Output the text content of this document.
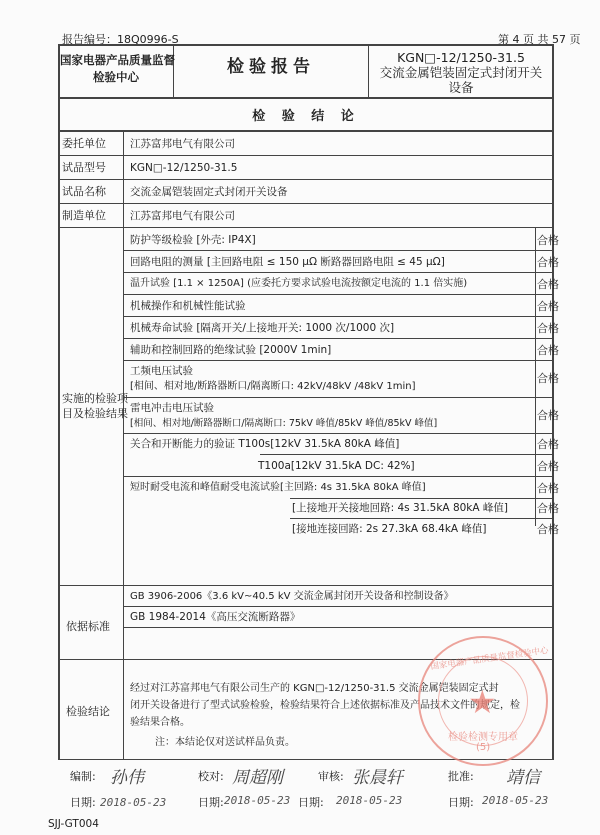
报告编号：18Q0996-S	第 4 页 共 57 页
国家电器产品质量监督
检验中心	检验报告	KGN□-12/1250-31.5
交流金属铠装固定式封闭开关
设备
检 验 结 论
委托单位 江苏富邦电气有限公司
试品型号 KGN□-12/1250-31.5
试品名称 交流金属铠装固定式封闭开关设备
制造单位 江苏富邦电气有限公司
实施的检验项
目及检验结果
防护等级检验 [外壳: IP4X]	合格
回路电阻的测量 [主回路电阻 ≤ 150 μΩ 断路器回路电阻 ≤ 45 μΩ]	合格
温升试验 [1.1 × 1250A] (应委托方要求试验电流按额定电流的 1.1 倍实施)	合格
机械操作和机械性能试验	合格
机械寿命试验 [隔离开关/上接地开关: 1000 次/1000 次]	合格
辅助和控制回路的绝缘试验 [2000V 1min]	合格
工频电压试验
[相间、相对地/断路器断口/隔离断口: 42kV/48kV /48kV 1min]
合格
雷电冲击电压试验
[相间、相对地/断路器断口/隔离断口: 75kV 峰值/85kV 峰值/85kV 峰值]
合格
关合和开断能力的验证 T100s[12kV 31.5kA 80kA 峰值]	合格
T100a[12kV 31.5kA DC: 42%]	合格
短时耐受电流和峰值耐受电流试验[主回路: 4s 31.5kA 80kA 峰值]	合格
[上接地开关接地回路: 4s 31.5kA 80kA 峰值]	合格
[接地连接回路: 2s 27.3kA 68.4kA 峰值]	合格
依据标准
GB 3906-2006《3.6 kV~40.5 kV 交流金属封闭开关设备和控制设备》
GB 1984-2014《高压交流断路器》
检验结论
经过对江苏富邦电气有限公司生产的 KGN□-12/1250-31.5 交流金属铠装固定式封
闭开关设备进行了型式试验检验，检验结果符合上述依据标准及产品技术文件的规定，检
验结果合格。
注：本结论仅对送试样品负责。
★
国家电器产品质量监督检验中心
检验检测专用章
(5)
编制: 孙伟	校对: 周超刚	审核: 张晨轩	批准: 靖信
日期: 2018-05-23	日期: 2018-05-23 日期: 2018-05-23	日期: 2018-05-23
SJJ-GT004
